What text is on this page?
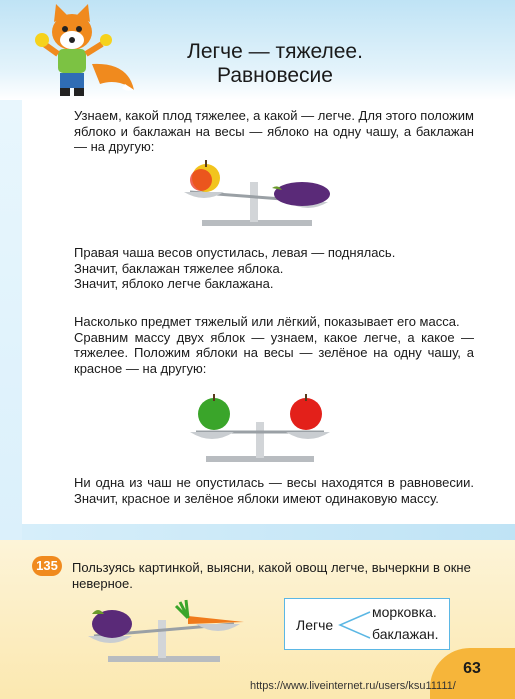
Легче — тяжелее.
Равновесие
Узнаем, какой плод тяжелее, а какой — легче. Для этого положим яблоко и баклажан на весы — яблоко на одну чашу, а баклажан — на другую:
Правая чаша весов опустилась, левая — поднялась.
Значит, баклажан тяжелее яблока.
Значит, яблоко легче баклажана.
Насколько предмет тяжелый или лёгкий, показывает его масса.
Сравним массу двух яблок — узнаем, какое легче, а какое — тяжелее. Положим яблоки на весы — зелёное на одну чашу, а красное — на другую:
Ни одна из чаш не опустилась — весы находятся в равновесии. Значит, красное и зелёное яблоки имеют одинаковую массу.
135	Пользуясь картинкой, выясни, какой овощ легче, вычеркни в окне неверное.
Легче
морковка.
баклажан.
63
https://www.liveinternet.ru/users/ksu11111/
